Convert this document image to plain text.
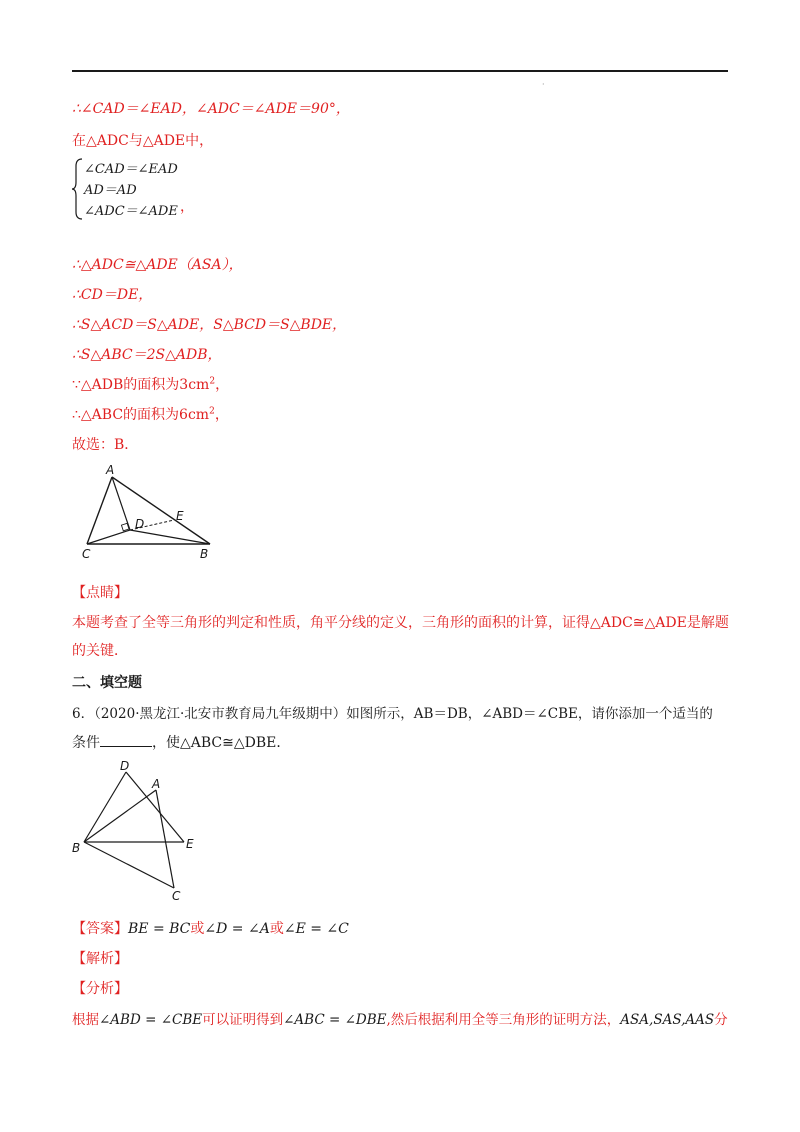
·
∴∠CAD＝∠EAD，∠ADC＝∠ADE＝90°，
在△ADC与△ADE中，
∠CAD＝∠EAD
AD＝AD
∠ADC＝∠ADE ，
∴△ADC≅△ADE（ASA），
∴CD＝DE，
∴S△ACD＝S△ADE，S△BCD＝S△BDE，
∴S△ABC＝2S△ADB，
∵△ADB的面积为$3cm^2$，
∴△ABC的面积为$6cm^2$，
故选：B．
A
D
E
C	B
【点睛】
本题考查了全等三角形的判定和性质，角平分线的定义，三角形的面积的计算，证得△ADC≅△ADE是解题
的关键．
二、填空题
6．（2020·黑龙江·北安市教育局九年级期中）如图所示，AB＝DB，∠ABD＝∠CBE，请你添加一个适当的
条件	，使△ABC≅△DBE．
D
A
B	E
C
【答案】BE = BC或∠D = ∠A或∠E = ∠C
【解析】
【分析】
根据∠ABD = ∠CBE可以证明得到∠ABC = ∠DBE,然后根据利用全等三角形的证明方法，ASA,SAS,AAS分
